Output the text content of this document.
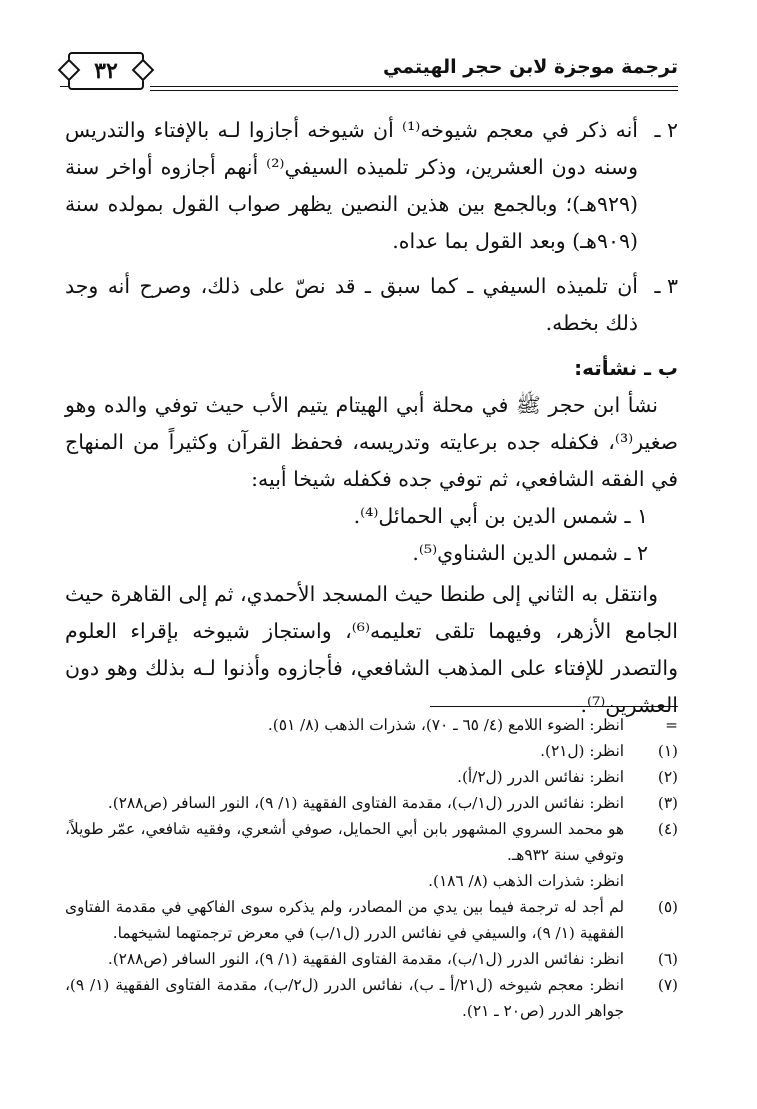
ترجمة موجزة لابن حجر الهيتمي
٣٢
٢ ـ

أنه ذكر في معجم شيوخه⁽¹⁾ أن شيوخه أجازوا لـه بالإفتاء والتدريس وسنه دون العشرين، وذكر تلميذه السيفي⁽²⁾ أنهم أجازوه أواخر سنة (٩٢٩هـ)؛ وبالجمع بين هذين النصين يظهر صواب القول بمولده سنة (٩٠٩هـ) وبعد القول بما عداه.

٣ ـ

أن تلميذه السيفي ـ كما سبق ـ قد نصّ على ذلك، وصرح أنه وجد ذلك بخطه.

ب ـ نشأته:

نشأ ابن حجر ﷺ في محلة أبي الهيتام يتيم الأب حيث توفي والده وهو صغير⁽³⁾، فكفله جده برعايته وتدريسه، فحفظ القرآن وكثيراً من المنهاج في الفقه الشافعي، ثم توفي جده فكفله شيخا أبيه:

١ ـ شمس الدين بن أبي الحمائل⁽⁴⁾.

٢ ـ شمس الدين الشناوي⁽⁵⁾.

وانتقل به الثاني إلى طنطا حيث المسجد الأحمدي، ثم إلى القاهرة حيث الجامع الأزهر، وفيهما تلقى تعليمه⁽⁶⁾، واستجاز شيوخه بإقراء العلوم والتصدر للإفتاء على المذهب الشافعي، فأجازوه وأذنوا لـه بذلك وهو دون العشرين⁽⁷⁾.

=
انظر: الضوء اللامع (٤/ ٦٥ ـ ٧٠)، شذرات الذهب (٨/ ٥١).
(١)
انظر: (ل٢١).
(٢)
انظر: نفائس الدرر (ل٢/أ).
(٣)
انظر: نفائس الدرر (ل١/ب)، مقدمة الفتاوى الفقهية (١/ ٩)، النور السافر (ص٢٨٨).
(٤)
هو محمد السروي المشهور بابن أبي الحمايل، صوفي أشعري، وفقيه شافعي، عمّر طويلاً، وتوفي سنة ٩٣٢هـ.
انظر: شذرات الذهب (٨/ ١٨٦).
(٥)
لم أجد له ترجمة فيما بين يدي من المصادر، ولم يذكره سوى الفاكهي في مقدمة الفتاوى الفقهية (١/ ٩)، والسيفي في نفائس الدرر (ل١/ب) في معرض ترجمتهما لشيخهما.
(٦)
انظر: نفائس الدرر (ل١/ب)، مقدمة الفتاوى الفقهية (١/ ٩)، النور السافر (ص٢٨٨).
(٧)
انظر: معجم شيوخه (ل٢١/أ ـ ب)، نفائس الدرر (ل٢/ب)، مقدمة الفتاوى الفقهية (١/ ٩)، جواهر الدرر (ص٢٠ ـ ٢١).
